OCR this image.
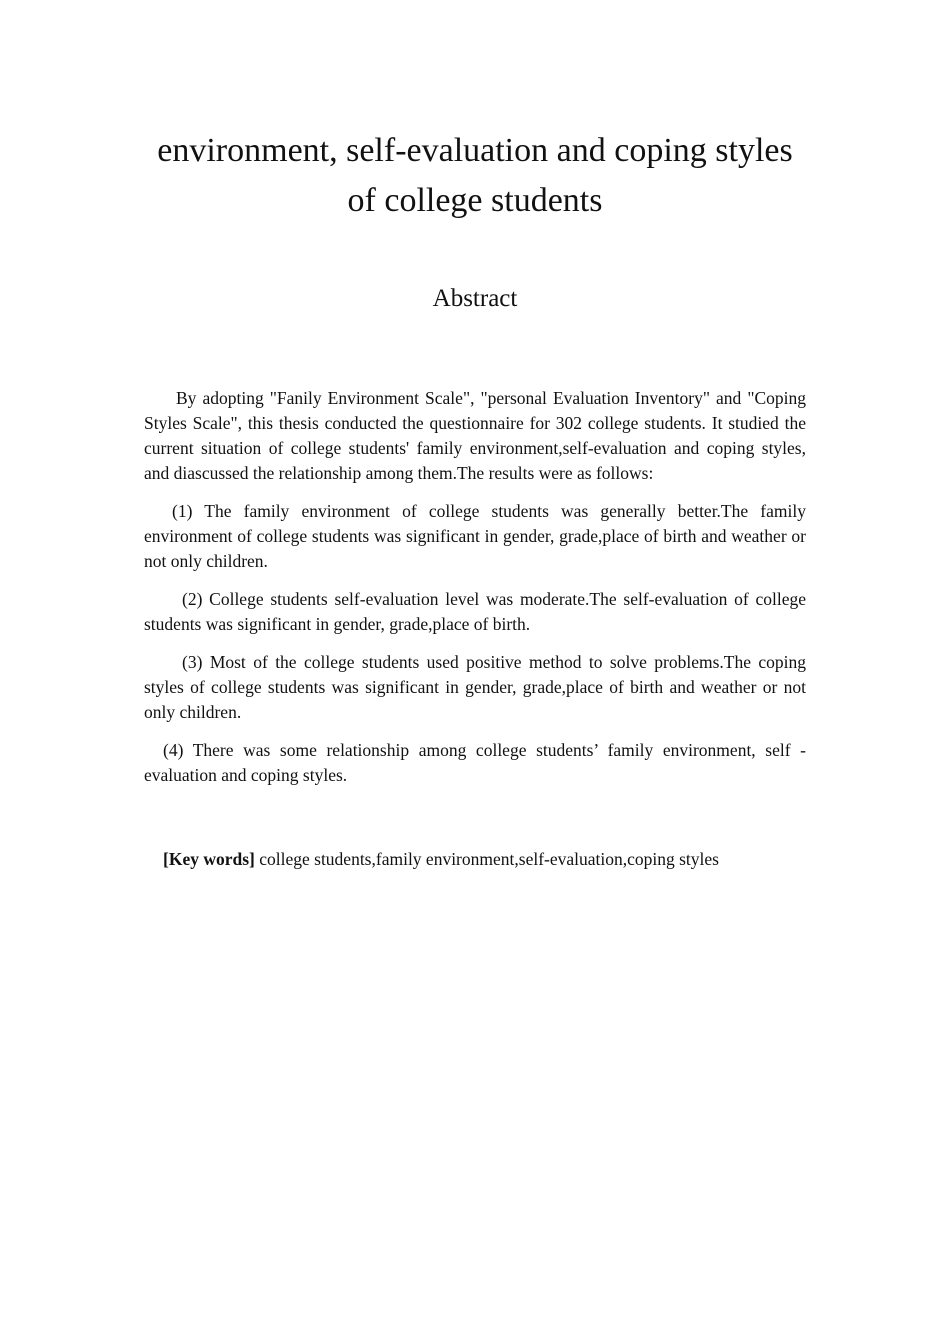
environment, self-evaluation and coping styles
of college students
Abstract

By adopting "Fanily Environment Scale", "personal Evaluation Inventory" and "Coping Styles Scale", this thesis conducted the questionnaire for 302 college students. It studied the current situation of college students' family environment,self-evaluation and coping styles, and diascussed the relationship among them.The results were as follows:

(1) The family environment of college students was generally better.The family environment of college students was significant in gender, grade,place of birth and weather or not only children.

(2) College students self-evaluation level was moderate.The self-evaluation of college students was significant in gender, grade,place of birth.

(3) Most of the college students used positive method to solve problems.The coping styles of college students was significant in gender, grade,place of birth and weather or not only children.

(4) There was some relationship among college students’ family environment, self - evaluation and coping styles.

[Key words] college students,family environment,self-evaluation,coping styles
